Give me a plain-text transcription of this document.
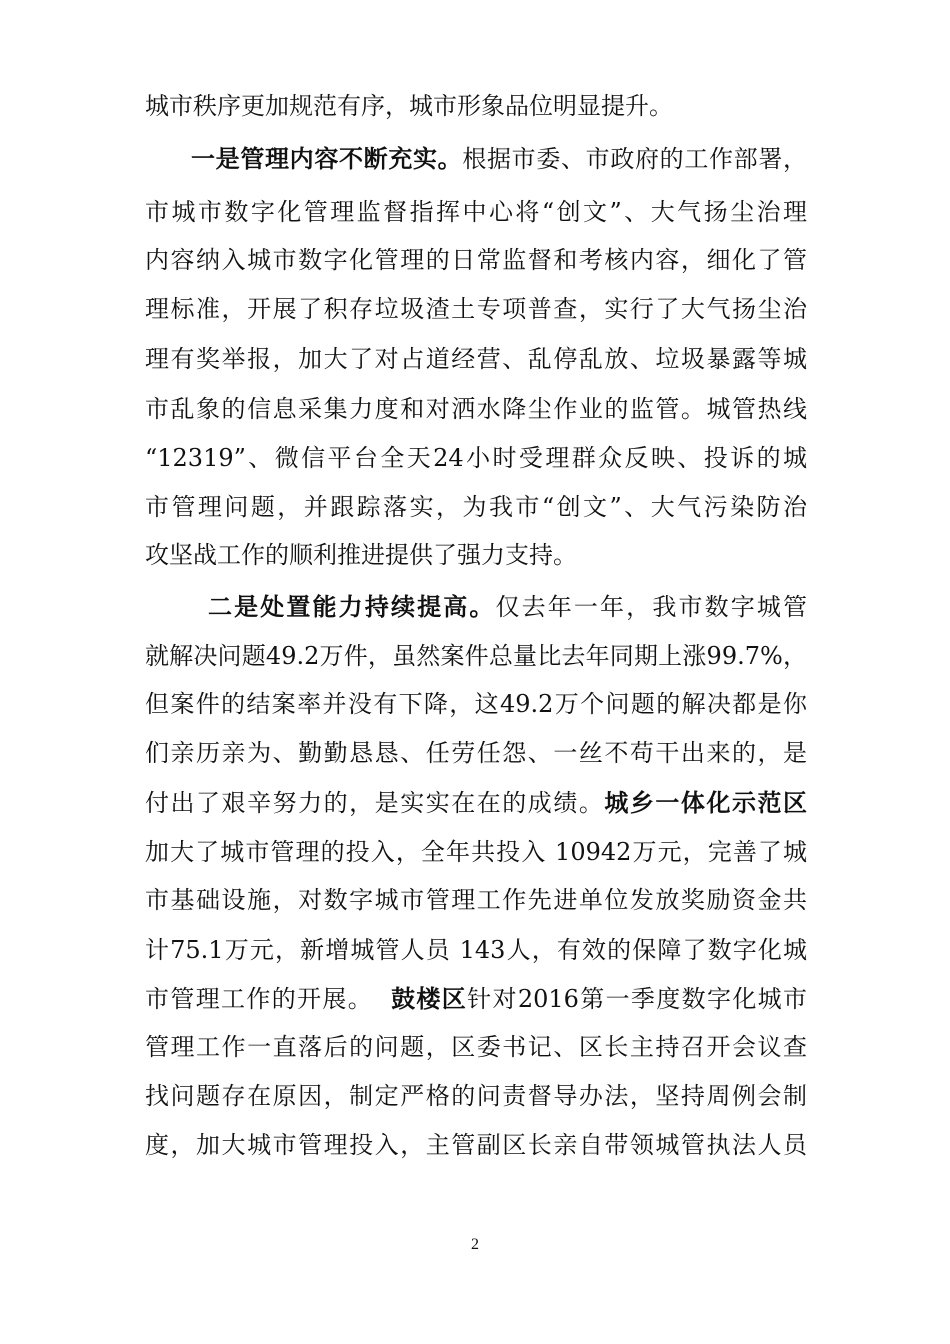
城市秩序更加规范有序，城市形象品位明显提升。
一是管理内容不断充实。根据市委、市政府的工作部署，
市城市数字化管理监督指挥中心将“创文”、大气扬尘治理
内容纳入城市数字化管理的日常监督和考核内容，细化了管
理标准，开展了积存垃圾渣土专项普查，实行了大气扬尘治
理有奖举报，加大了对占道经营、乱停乱放、垃圾暴露等城
市乱象的信息采集力度和对洒水降尘作业的监管。城管热线
“12319”、微信平台全天24小时受理群众反映、投诉的城
市管理问题，并跟踪落实，为我市“创文”、大气污染防治
攻坚战工作的顺利推进提供了强力支持。
二是处置能力持续提高。仅去年一年，我市数字城管
就解决问题49.2万件，虽然案件总量比去年同期上涨99.7%，
但案件的结案率并没有下降，这49.2万个问题的解决都是你
们亲历亲为、勤勤恳恳、任劳任怨、一丝不苟干出来的，是
付出了艰辛努力的，是实实在在的成绩。城乡一体化示范区
加大了城市管理的投入，全年共投入 10942万元，完善了城
市基础设施，对数字城市管理工作先进单位发放奖励资金共
计75.1万元，新增城管人员 143人，有效的保障了数字化城
市管理工作的开展。  鼓楼区针对2016第一季度数字化城市
管理工作一直落后的问题，区委书记、区长主持召开会议查
找问题存在原因，制定严格的问责督导办法，坚持周例会制
度，加大城市管理投入，主管副区长亲自带领城管执法人员
2
